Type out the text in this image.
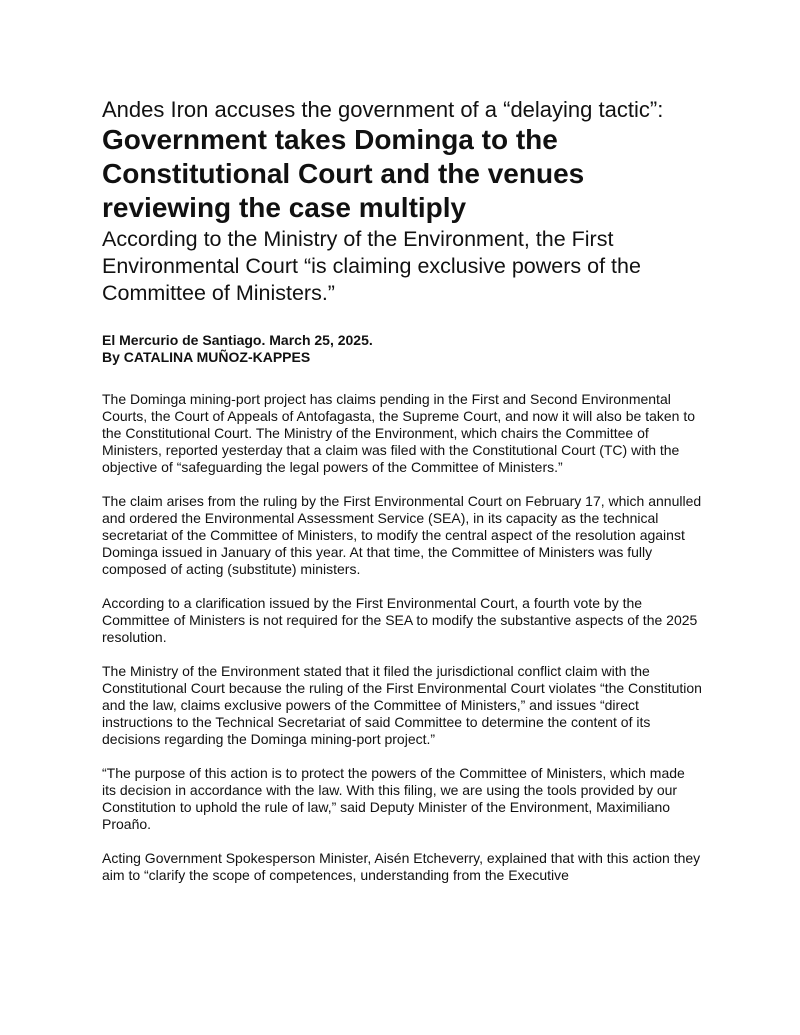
Andes Iron accuses the government of a “delaying tactic”:
Government takes Dominga to the Constitutional Court and the venues reviewing the case multiply
According to the Ministry of the Environment, the First Environmental Court “is claiming exclusive powers of the Committee of Ministers.”
El Mercurio de Santiago. March 25, 2025.
By CATALINA MUÑOZ-KAPPES

The Dominga mining-port project has claims pending in the First and Second Environmental Courts, the Court of Appeals of Antofagasta, the Supreme Court, and now it will also be taken to the Constitutional Court. The Ministry of the Environment, which chairs the Committee of Ministers, reported yesterday that a claim was filed with the Constitutional Court (TC) with the objective of “safeguarding the legal powers of the Committee of Ministers.”

The claim arises from the ruling by the First Environmental Court on February 17, which annulled and ordered the Environmental Assessment Service (SEA), in its capacity as the technical secretariat of the Committee of Ministers, to modify the central aspect of the resolution against Dominga issued in January of this year. At that time, the Committee of Ministers was fully composed of acting (substitute) ministers.

According to a clarification issued by the First Environmental Court, a fourth vote by the Committee of Ministers is not required for the SEA to modify the substantive aspects of the 2025 resolution.

The Ministry of the Environment stated that it filed the jurisdictional conflict claim with the Constitutional Court because the ruling of the First Environmental Court violates “the Constitution and the law, claims exclusive powers of the Committee of Ministers,” and issues “direct instructions to the Technical Secretariat of said Committee to determine the content of its decisions regarding the Dominga mining-port project.”

“The purpose of this action is to protect the powers of the Committee of Ministers, which made its decision in accordance with the law. With this filing, we are using the tools provided by our Constitution to uphold the rule of law,” said Deputy Minister of the Environment, Maximiliano Proaño.

Acting Government Spokesperson Minister, Aisén Etcheverry, explained that with this action they aim to “clarify the scope of competences, understanding from the Executive
